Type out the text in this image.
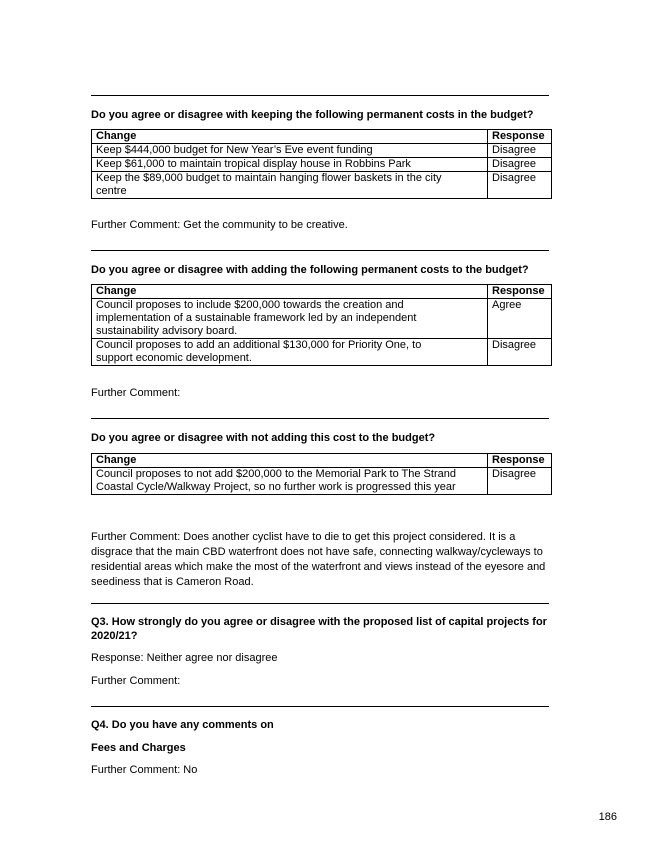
Do you agree or disagree with keeping the following permanent costs in the budget?
Change	Response
Keep $444,000 budget for New Year’s Eve event funding	Disagree
Keep $61,000 to maintain tropical display house in Robbins Park	Disagree
Keep the $89,000 budget to maintain hanging flower baskets in the city centre	Disagree
Further Comment: Get the community to be creative.
Do you agree or disagree with adding the following permanent costs to the budget?
Change	Response
Council proposes to include $200,000 towards the creation and implementation of a sustainable framework led by an independent sustainability advisory board.	Agree
Council proposes to add an additional $130,000 for Priority One, to support economic development.	Disagree
Further Comment:
Do you agree or disagree with not adding this cost to the budget?
Change	Response
Council proposes to not add $200,000 to the Memorial Park to The Strand Coastal Cycle/Walkway Project, so no further work is progressed this year	Disagree
Further Comment: Does another cyclist have to die to get this project considered. It is a disgrace that the main CBD waterfront does not have safe, connecting walkway/cycleways to residential areas which make the most of the waterfront and views instead of the eyesore and seediness that is Cameron Road.
Q3. How strongly do you agree or disagree with the proposed list of capital projects for 2020/21?
Response: Neither agree nor disagree
Further Comment:
Q4. Do you have any comments on
Fees and Charges
Further Comment: No
186
